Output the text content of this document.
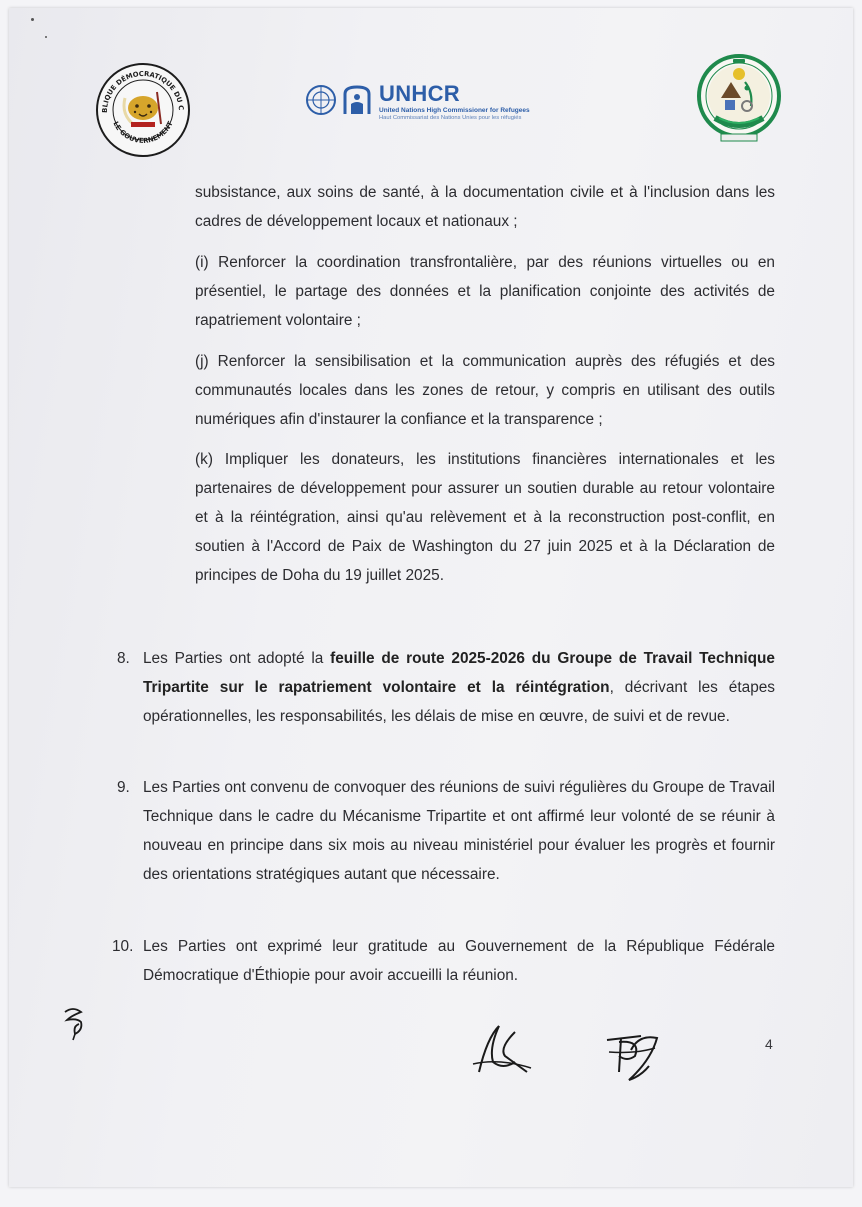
BLIQUE DÉMOCRATIQUE DU C
LE GOUVERNEMENT
UNHCR
United Nations High Commissioner for Refugees
Haut Commissariat des Nations Unies pour les réfugiés
subsistance, aux soins de santé, à la documentation civile et à l'inclusion dans les cadres de développement locaux et nationaux ;
(i) Renforcer la coordination transfrontalière, par des réunions virtuelles ou en présentiel, le partage des données et la planification conjointe des activités de rapatriement volontaire ;
(j) Renforcer la sensibilisation et la communication auprès des réfugiés et des communautés locales dans les zones de retour, y compris en utilisant des outils numériques afin d'instaurer la confiance et la transparence ;
(k) Impliquer les donateurs, les institutions financières internationales et les partenaires de développement pour assurer un soutien durable au retour volontaire et à la réintégration, ainsi qu'au relèvement et à la reconstruction post-conflit, en soutien à l'Accord de Paix de Washington du 27 juin 2025 et à la Déclaration de principes de Doha du 19 juillet 2025.
8. Les Parties ont adopté la feuille de route 2025-2026 du Groupe de Travail Technique Tripartite sur le rapatriement volontaire et la réintégration, décrivant les étapes opérationnelles, les responsabilités, les délais de mise en œuvre, de suivi et de revue.
9. Les Parties ont convenu de convoquer des réunions de suivi régulières du Groupe de Travail Technique dans le cadre du Mécanisme Tripartite et ont affirmé leur volonté de se réunir à nouveau en principe dans six mois au niveau ministériel pour évaluer les progrès et fournir des orientations stratégiques autant que nécessaire.
10. Les Parties ont exprimé leur gratitude au Gouvernement de la République Fédérale Démocratique d'Éthiopie pour avoir accueilli la réunion.
4
